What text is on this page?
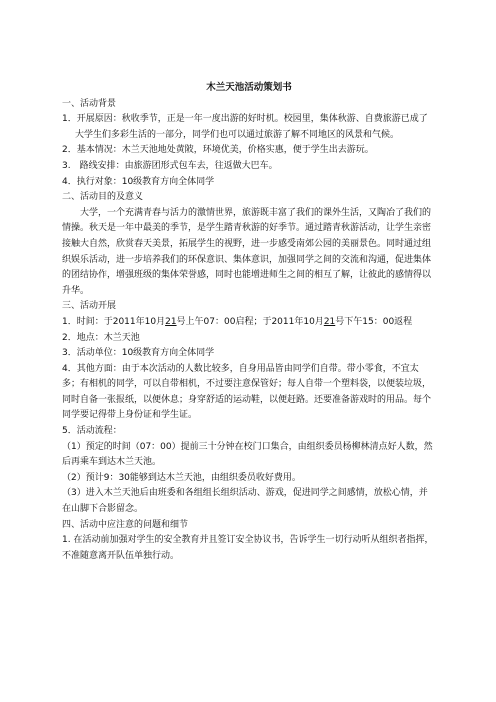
木兰天池活动策划书

一、活动背景

1．开展原因：秋收季节，正是一年一度出游的好时机。校园里，集体秋游、自费旅游已成了大学生们多彩生活的一部分，同学们也可以通过旅游了解不同地区的风景和气候。

2．基本情况：木兰天池地处黄陂，环境优美，价格实惠，便于学生出去游玩。

3.　路线安排：由旅游团形式包车去，往返做大巴车。

4．执行对象：10级教育方向全体同学

二、活动目的及意义

大学，一个充满青春与活力的激情世界，旅游既丰富了我们的课外生活，又陶冶了我们的情操。秋天是一年中最美的季节，是学生踏青秋游的好季节。通过踏青秋游活动，让学生亲密接触大自然，欣赏春天美景，拓展学生的视野，进一步感受南郊公园的美丽景色。同时通过组织娱乐活动，进一步培养我们的环保意识、集体意识，加强同学之间的交流和沟通，促进集体的团结协作，增强班级的集体荣誉感，同时也能增进师生之间的相互了解，让彼此的感情得以升华。

三、活动开展

1．时间：于2011年10月21号上午07：00启程；于2011年10月21号下午15：00返程

2．地点：木兰天池

3．活动单位：10级教育方向全体同学

4．其他方面：由于本次活动的人数比较多，自身用品皆由同学们自带。带小零食，不宜太多；有相机的同学，可以自带相机，不过要注意保管好；每人自带一个塑料袋，以便装垃圾，同时自备一张报纸，以便休息；身穿舒适的运动鞋，以便赶路。还要准备游戏时的用品。每个同学要记得带上身份证和学生证。

5．活动流程：

（1）预定的时间（07：00）提前三十分钟在校门口集合，由组织委员杨柳林清点好人数，然后再乘车到达木兰天池。

（2）预计9：30能够到达木兰天池，由组织委员收好费用。

（3）进入木兰天池后由班委和各组组长组织活动、游戏，促进同学之间感情，放松心情，并在山脚下合影留念。

四、活动中应注意的问题和细节

1. 在活动前加强对学生的安全教育并且签订安全协议书，告诉学生一切行动听从组织者指挥，不准随意离开队伍单独行动。
